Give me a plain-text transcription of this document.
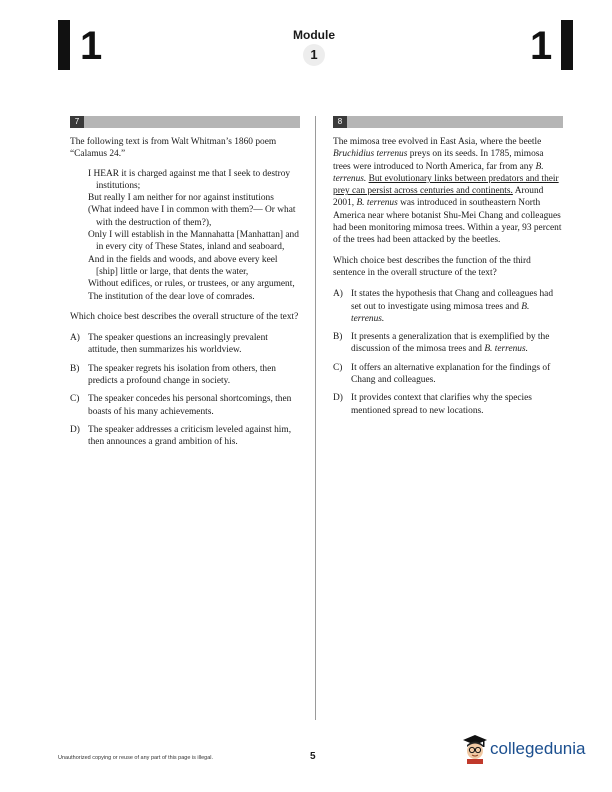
1	Module
1	1
7

The following text is from Walt Whitman’s 1860 poem “Calamus 24.”

I HEAR it is charged against me that I seek to destroy institutions;

But really I am neither for nor against institutions

(What indeed have I in common with them?— Or what with the destruction of them?),

Only I will establish in the Mannahatta [Manhattan] and in every city of These States, inland and seaboard,

And in the fields and woods, and above every keel [ship] little or large, that dents the water,

Without edifices, or rules, or trustees, or any argument,

The institution of the dear love of comrades.

Which choice best describes the overall structure of the text?

A) The speaker questions an increasingly prevalent attitude, then summarizes his worldview.
B) The speaker regrets his isolation from others, then predicts a profound change in society.
C) The speaker concedes his personal shortcomings, then boasts of his many achievements.
D) The speaker addresses a criticism leveled against him, then announces a grand ambition of his.
8

The mimosa tree evolved in East Asia, where the beetle Bruchidius terrenus preys on its seeds. In 1785, mimosa trees were introduced to North America, far from any B. terrenus. But evolutionary links between predators and their prey can persist across centuries and continents. Around 2001, B. terrenus was introduced in southeastern North America near where botanist Shu-Mei Chang and colleagues had been monitoring mimosa trees. Within a year, 93 percent of the trees had been attacked by the beetles.

Which choice best describes the function of the third sentence in the overall structure of the text?

A) It states the hypothesis that Chang and colleagues had set out to investigate using mimosa trees and B. terrenus.
B) It presents a generalization that is exemplified by the discussion of the mimosa trees and B. terrenus.
C) It offers an alternative explanation for the findings of Chang and colleagues.
D) It provides context that clarifies why the species mentioned spread to new locations.
Unauthorized copying or reuse of any part of this page is illegal.	5	collegedunia
